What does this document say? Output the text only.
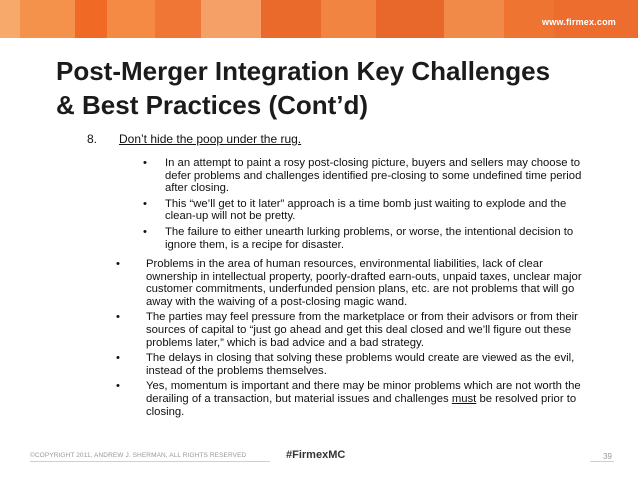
www.firmex.com
Post-Merger Integration Key Challenges
& Best Practices (Cont’d)
8.	Don’t hide the poop under the rug.
•	In an attempt to paint a rosy post-closing picture, buyers and sellers may choose to defer problems and challenges identified pre-closing to some undefined time period after closing.
•	This “we’ll get to it later” approach is a time bomb just waiting to explode and the clean-up will not be pretty.
•	The failure to either unearth lurking problems, or worse, the intentional decision to ignore them, is a recipe for disaster.
•	Problems in the area of human resources, environmental liabilities, lack of clear ownership in intellectual property, poorly-drafted earn-outs, unpaid taxes, unclear major customer commitments, underfunded pension plans, etc. are not problems that will go away with the waiving of a post-closing magic wand.
•	The parties may feel pressure from the marketplace or from their advisors or from their sources of capital to “just go ahead and get this deal closed and we’ll figure out these problems later,” which is bad advice and a bad strategy.
•	The delays in closing that solving these problems would create are viewed as the evil, instead of the problems themselves.
•	Yes, momentum is important and there may be minor problems which are not worth the derailing of a transaction, but material issues and challenges must be resolved prior to closing.
©COPYRIGHT 2011, ANDREW J. SHERMAN, ALL RIGHTS RESERVED	#FirmexMC	39
